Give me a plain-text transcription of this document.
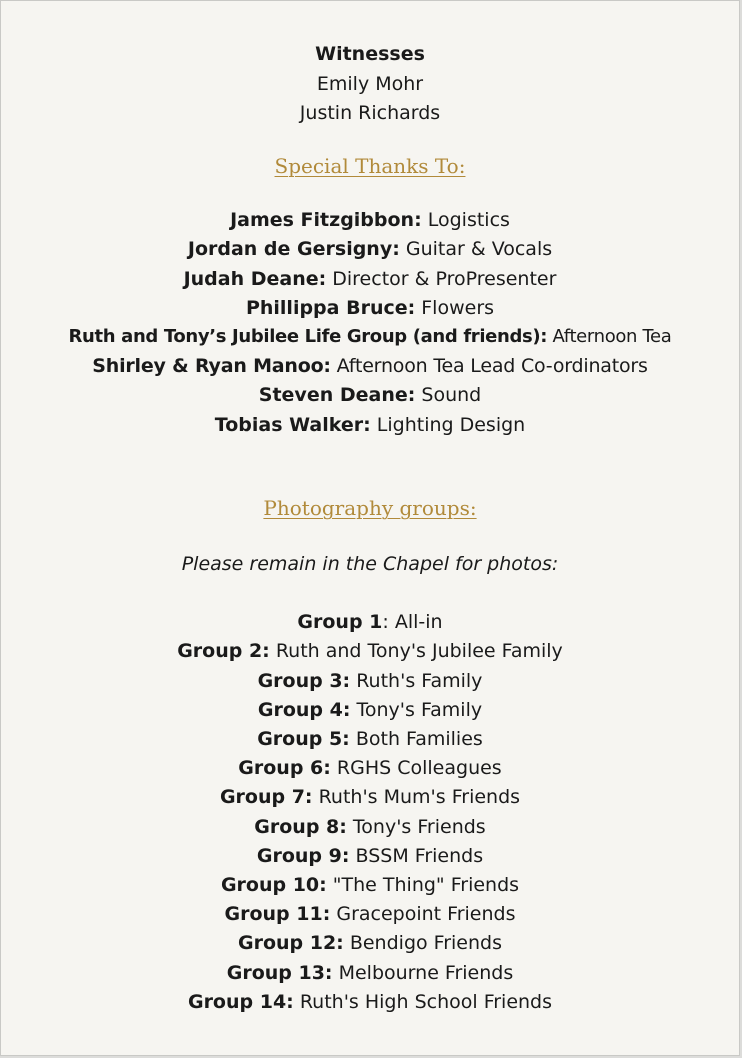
Witnesses
Emily Mohr
Justin Richards
Special Thanks To:
James Fitzgibbon: Logistics
Jordan de Gersigny: Guitar & Vocals
Judah Deane: Director & ProPresenter
Phillippa Bruce: Flowers
Ruth and Tony’s Jubilee Life Group (and friends): Afternoon Tea
Shirley & Ryan Manoo: Afternoon Tea Lead Co-ordinators
Steven Deane: Sound
Tobias Walker: Lighting Design
Photography groups:
Please remain in the Chapel for photos:
Group 1: All-in
Group 2: Ruth and Tony's Jubilee Family
Group 3: Ruth's Family
Group 4: Tony's Family
Group 5: Both Families
Group 6: RGHS Colleagues
Group 7: Ruth's Mum's Friends
Group 8: Tony's Friends
Group 9: BSSM Friends
Group 10: "The Thing" Friends
Group 11: Gracepoint Friends
Group 12: Bendigo Friends
Group 13: Melbourne Friends
Group 14: Ruth's High School Friends
